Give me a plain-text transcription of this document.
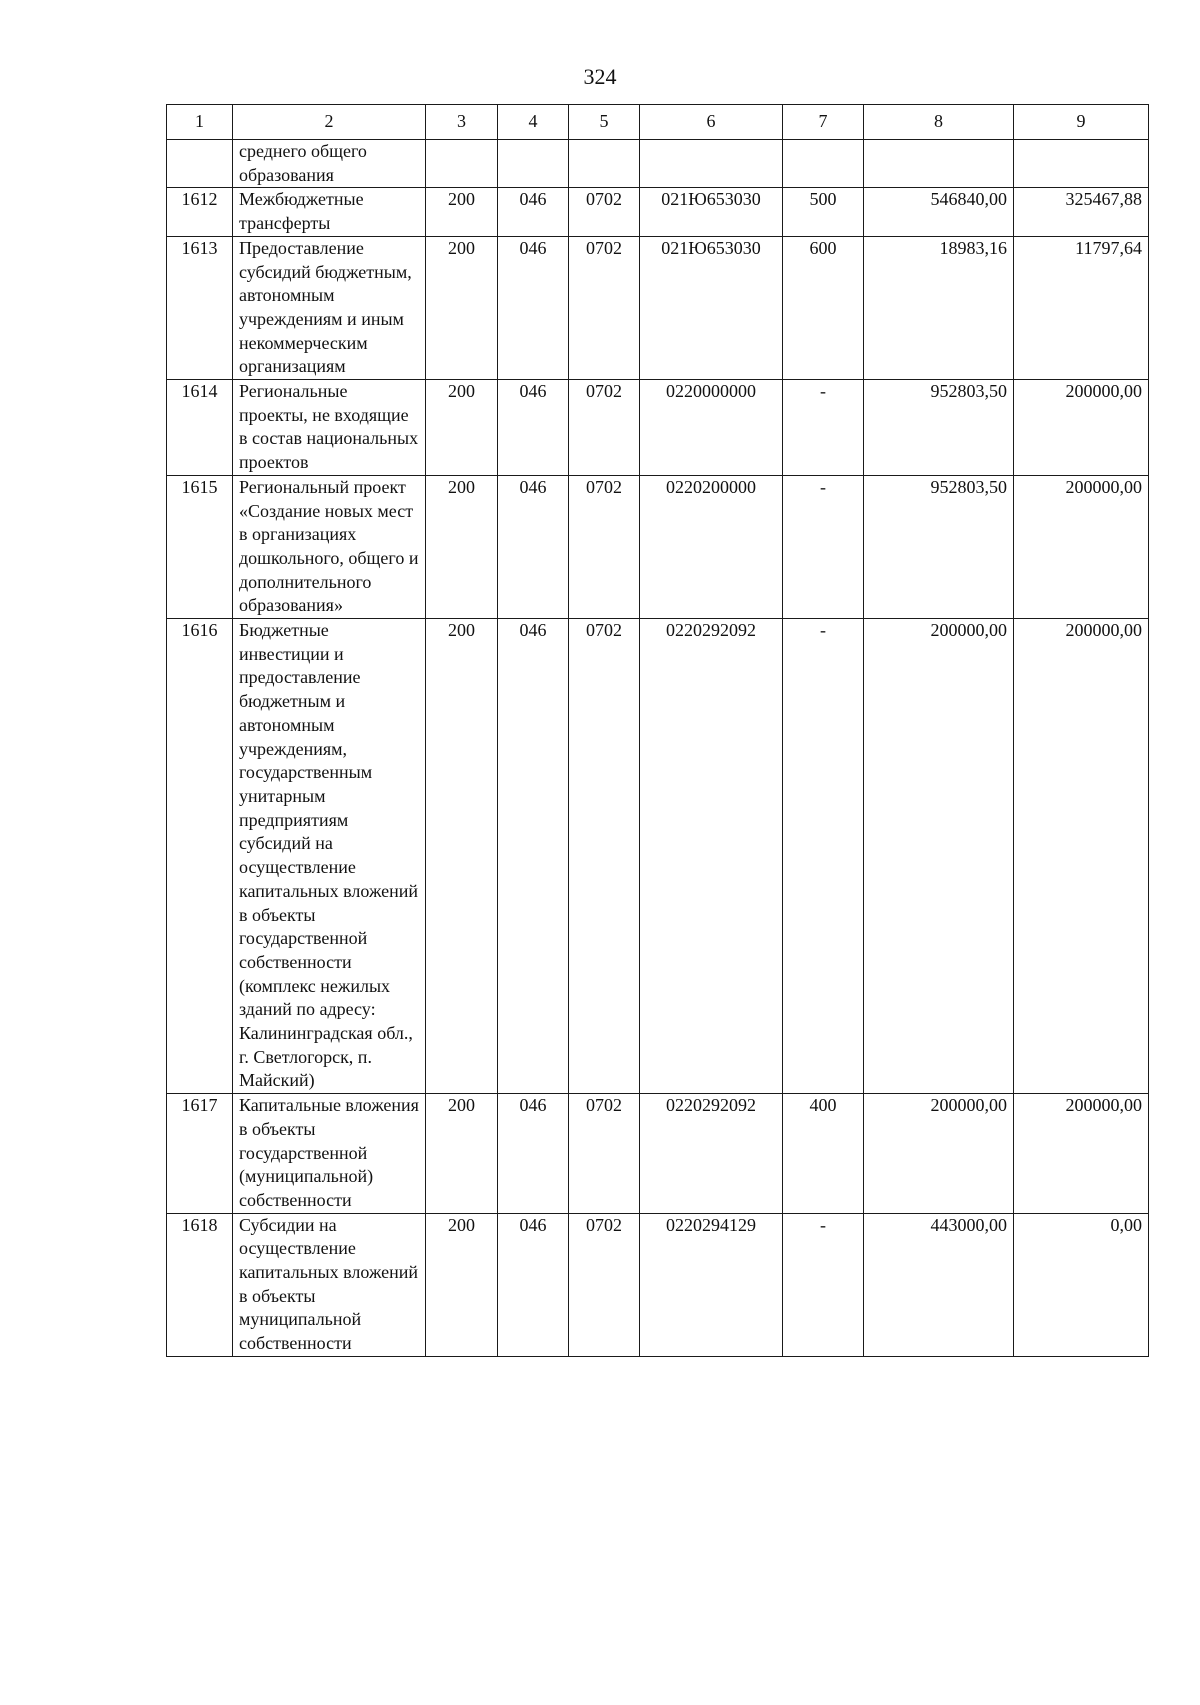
324
1	2	3	4	5	6	7	8	9
	среднего общего образования							
1612	Межбюджетные трансферты	200	046	0702	021Ю653030	500	546840,00	325467,88
1613	Предоставление субсидий бюджетным, автономным учреждениям и иным некоммерческим организациям	200	046	0702	021Ю653030	600	18983,16	11797,64
1614	Региональные проекты, не входящие в состав национальных проектов	200	046	0702	0220000000	-	952803,50	200000,00
1615	Региональный проект «Создание новых мест в организациях дошкольного, общего и дополнительного образования»	200	046	0702	0220200000	-	952803,50	200000,00
1616	Бюджетные инвестиции и предоставление бюджетным и автономным учреждениям, государственным унитарным предприятиям субсидий на осуществление капитальных вложений в объекты государственной собственности (комплекс нежилых зданий по адресу: Калининградская обл., г. Светлогорск, п. Майский)	200	046	0702	0220292092	-	200000,00	200000,00
1617	Капитальные вложения в объекты государственной (муниципальной) собственности	200	046	0702	0220292092	400	200000,00	200000,00
1618	Субсидии на осуществление капитальных вложений в объекты муниципальной собственности	200	046	0702	0220294129	-	443000,00	0,00
